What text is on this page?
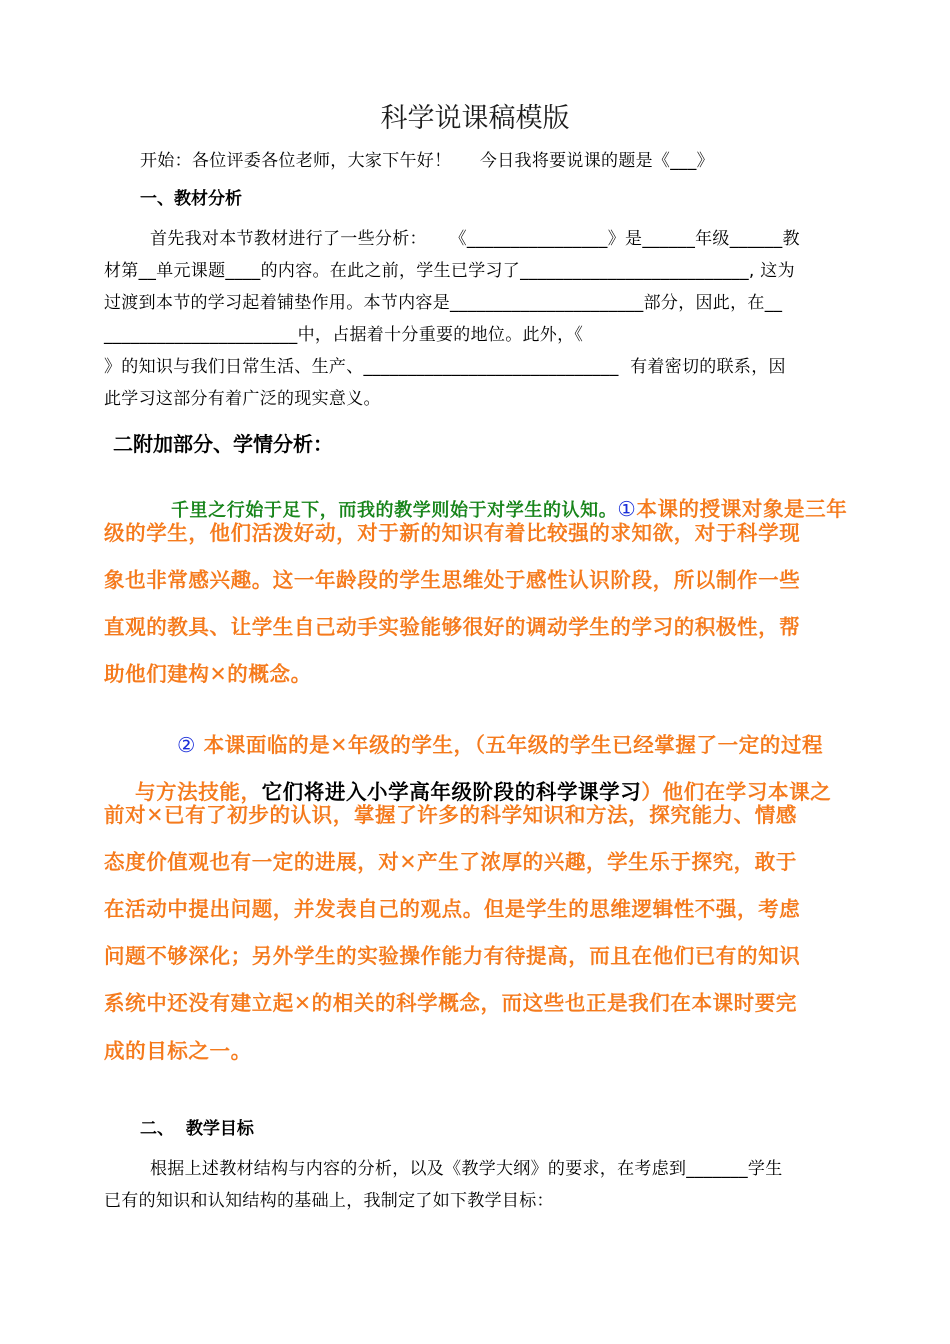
科学说课稿模版
开始：各位评委各位老师，大家下午好！     今日我将要说课的题是《___》
一、教材分析
首先我对本节教材进行了一些分析：    《________________》是______年级______教
材第__单元课题____的内容。在此之前，学生已学习了__________________________, 这为
过渡到本节的学习起着铺垫作用。本节内容是______________________部分，因此，在__
______________________中，占据着十分重要的地位。此外，《
》的知识与我们日常生活、生产、_____________________________  有着密切的联系，因
此学习这部分有着广泛的现实意义。
二附加部分、学情分析：

千里之行始于足下，而我的教学则始于对学生的认知。①本课的授课对象是三年

级的学生，他们活泼好动，对于新的知识有着比较强的求知欲，对于科学现
象也非常感兴趣。这一年龄段的学生思维处于感性认识阶段，所以制作一些
直观的教具、让学生自己动手实验能够很好的调动学生的学习的积极性，帮
助他们建构✕的概念。

② 本课面临的是✕年级的学生，（五年级的学生已经掌握了一定的过程

与方法技能，它们将进入小学高年级阶段的科学课学习）他们在学习本课之

前对✕已有了初步的认识，掌握了许多的科学知识和方法，探究能力、情感
态度价值观也有一定的进展，对✕产生了浓厚的兴趣，学生乐于探究，敢于
在活动中提出问题，并发表自己的观点。但是学生的思维逻辑性不强，考虑
问题不够深化；另外学生的实验操作能力有待提高，而且在他们已有的知识
系统中还没有建立起✕的相关的科学概念，而这些也正是我们在本课时要完
成的目标之一。
二、  教学目标
根据上述教材结构与内容的分析，以及《教学大纲》的要求，在考虑到_______学生
已有的知识和认知结构的基础上，我制定了如下教学目标：
